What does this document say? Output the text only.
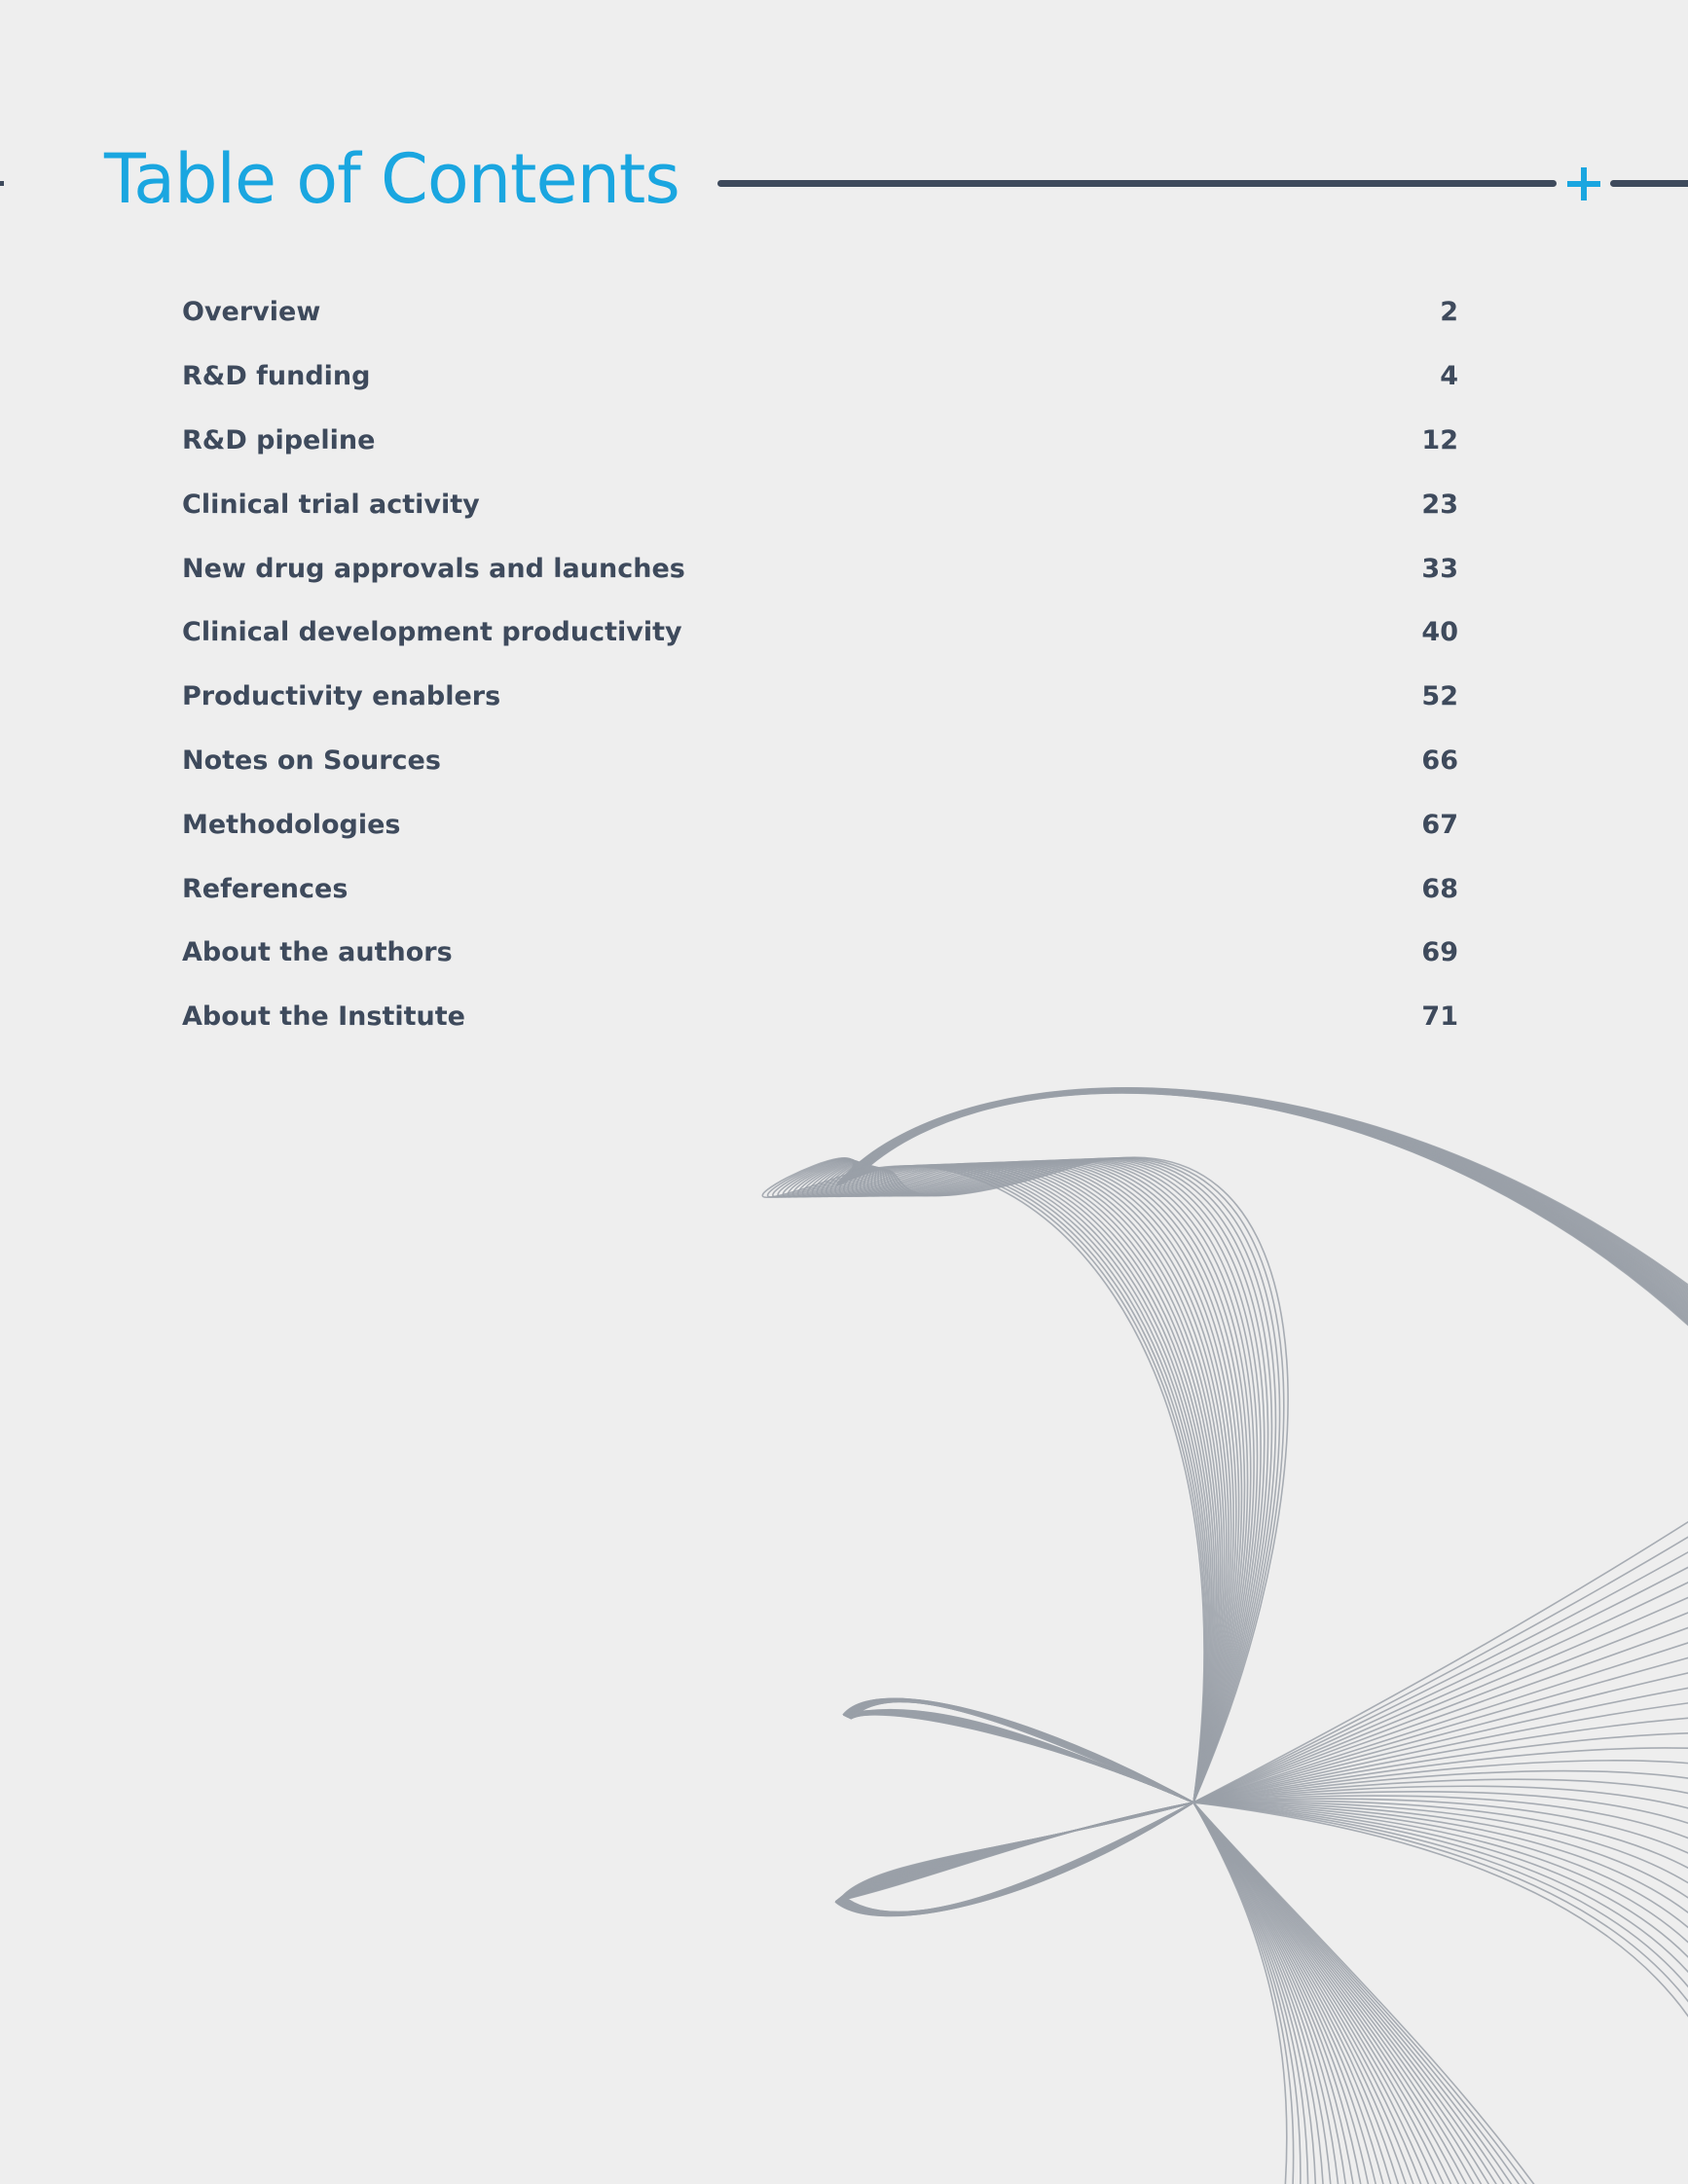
Table of Contents
Overview	2
R&D funding	4
R&D pipeline	12
Clinical trial activity	23
New drug approvals and launches	33
Clinical development productivity	40
Productivity enablers	52
Notes on Sources	66
Methodologies	67
References	68
About the authors	69
About the Institute	71
